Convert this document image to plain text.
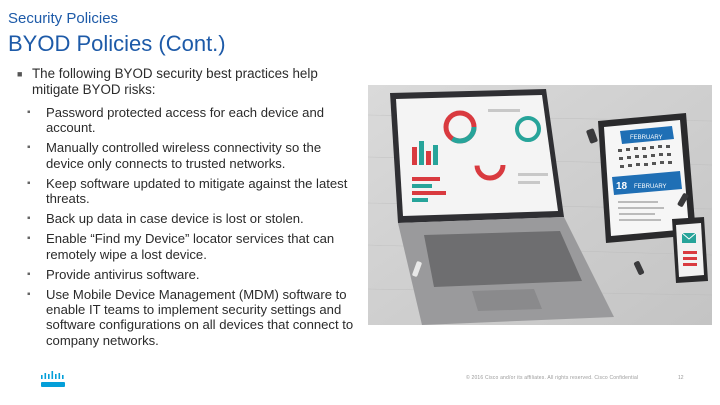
Security Policies
BYOD Policies (Cont.)
■ The following BYOD security best practices help mitigate BYOD risks:
▪	Password protected access for each device and account.
▪	Manually controlled wireless connectivity so the device only connects to trusted networks.
▪	Keep software updated to mitigate against the latest threats.
▪	Back up data in case device is lost or stolen.
▪	Enable “Find my Device” locator services that can remotely wipe a lost device.
▪	Provide antivirus software.
▪	Use Mobile Device Management (MDM) software to enable IT teams to implement security settings and software configurations on all devices that connect to company networks.
FEBRUARY
18 FEBRUARY
© 2016 Cisco and/or its affiliates. All rights reserved. Cisco Confidential	12
